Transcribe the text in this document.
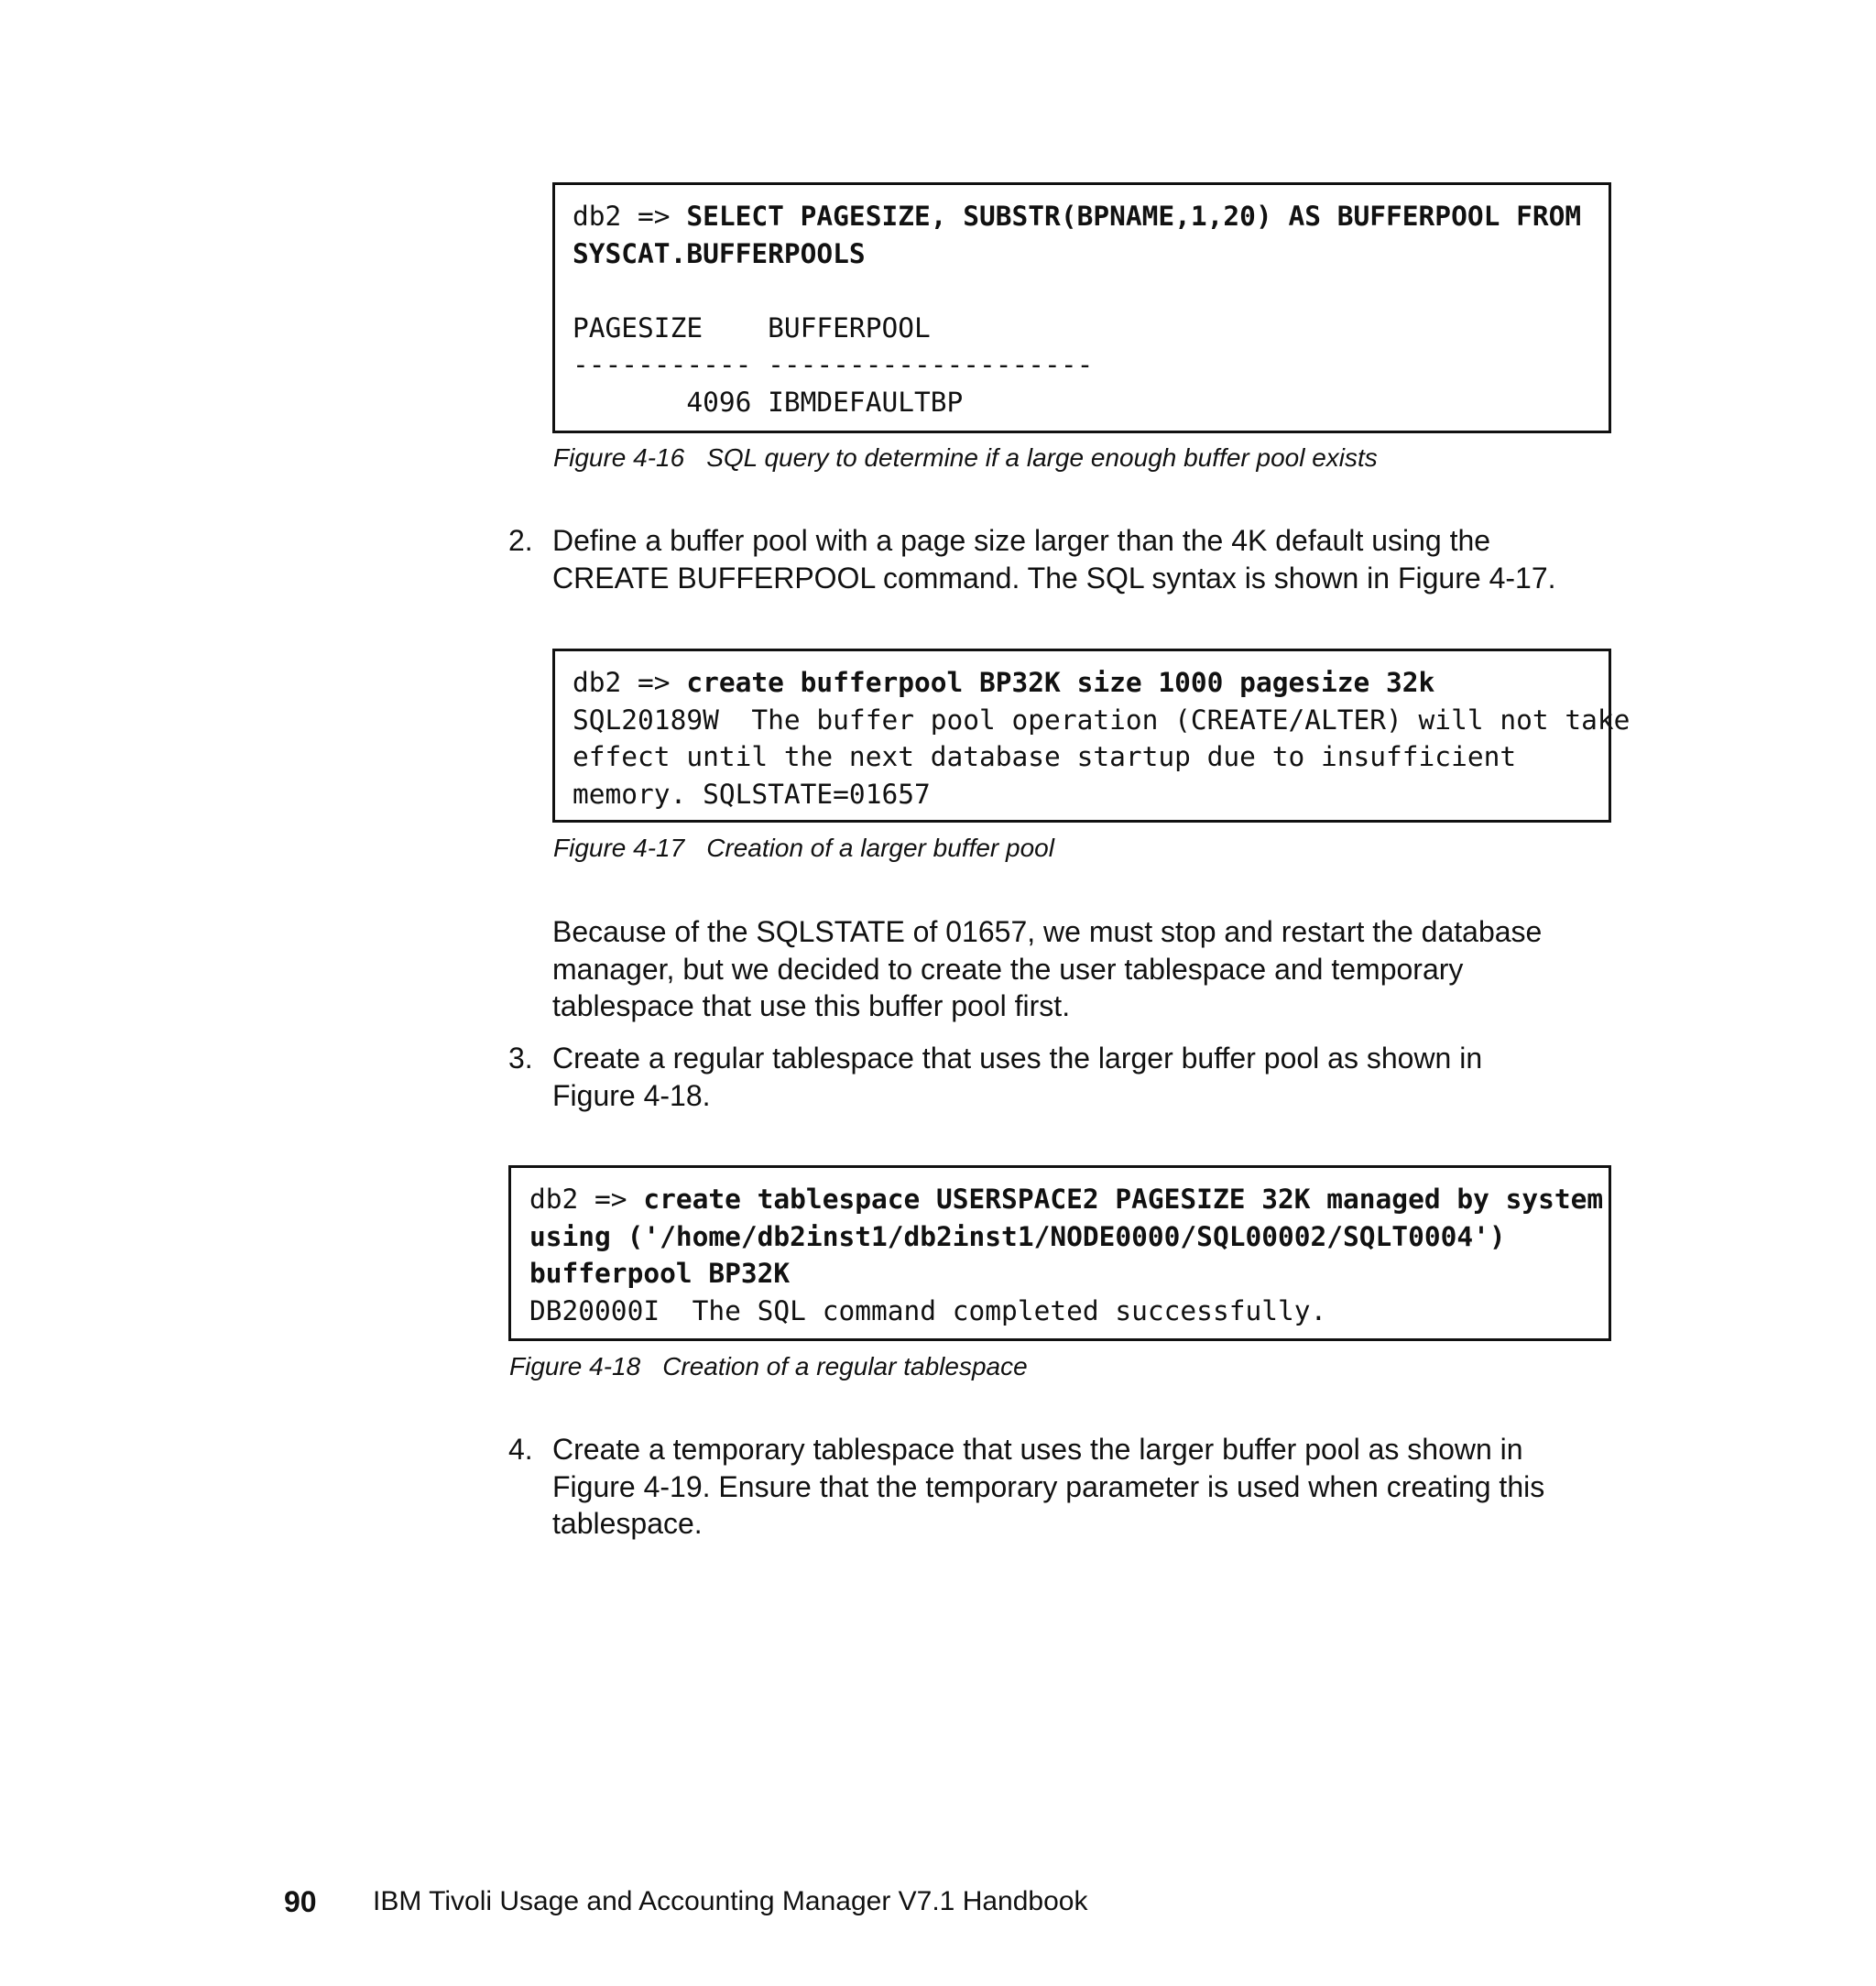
db2 => SELECT PAGESIZE, SUBSTR(BPNAME,1,20) AS BUFFERPOOL FROM
SYSCAT.BUFFERPOOLS
PAGESIZE    BUFFERPOOL
----------- --------------------
4096 IBMDEFAULTBP
Figure 4-16 SQL query to determine if a large enough buffer pool exists
2. Define a buffer pool with a page size larger than the 4K default using the
CREATE BUFFERPOOL command. The SQL syntax is shown in Figure 4-17.
db2 => create bufferpool BP32K size 1000 pagesize 32k
SQL20189W  The buffer pool operation (CREATE/ALTER) will not take
effect until the next database startup due to insufficient
memory. SQLSTATE=01657
Figure 4-17 Creation of a larger buffer pool
Because of the SQLSTATE of 01657, we must stop and restart the database
manager, but we decided to create the user tablespace and temporary
tablespace that use this buffer pool first.
3. Create a regular tablespace that uses the larger buffer pool as shown in
Figure 4-18.
db2 => create tablespace USERSPACE2 PAGESIZE 32K managed by system
using ('/home/db2inst1/db2inst1/NODE0000/SQL00002/SQLT0004')
bufferpool BP32K
DB20000I  The SQL command completed successfully.
Figure 4-18 Creation of a regular tablespace
4. Create a temporary tablespace that uses the larger buffer pool as shown in
Figure 4-19. Ensure that the temporary parameter is used when creating this
tablespace.
90 IBM Tivoli Usage and Accounting Manager V7.1 Handbook
